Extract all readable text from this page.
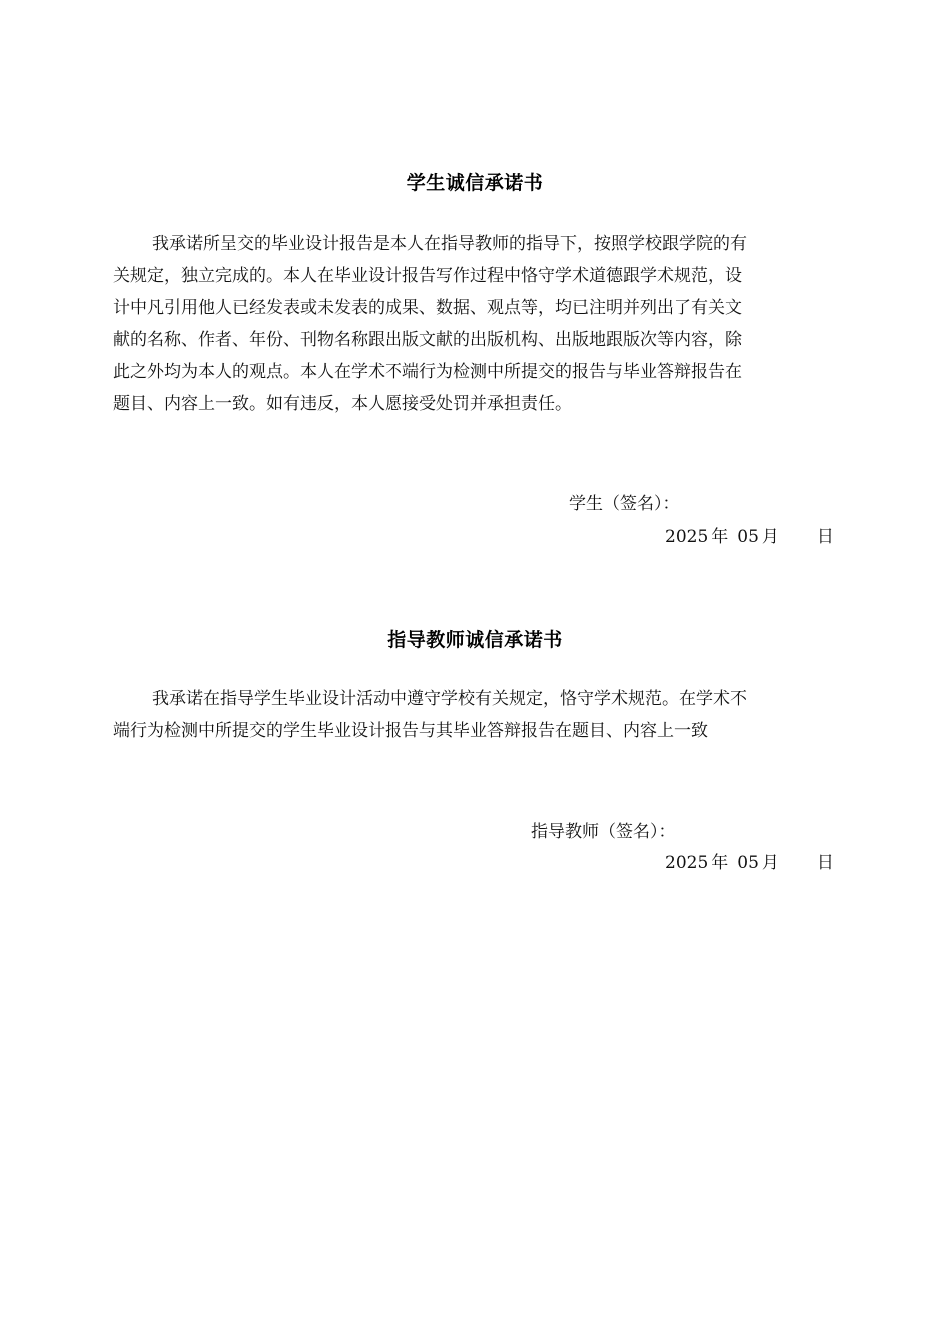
学生诚信承诺书
我承诺所呈交的毕业设计报告是本人在指导教师的指导下，按照学校跟学院的有
关规定，独立完成的。本人在毕业设计报告写作过程中恪守学术道德跟学术规范，设
计中凡引用他人已经发表或未发表的成果、数据、观点等，均已注明并列出了有关文
献的名称、作者、年份、刊物名称跟出版文献的出版机构、出版地跟版次等内容，除
此之外均为本人的观点。本人在学术不端行为检测中所提交的报告与毕业答辩报告在
题目、内容上一致。如有违反，本人愿接受处罚并承担责任。
学生（签名）：
2025 年 05 月 日
指导教师诚信承诺书
我承诺在指导学生毕业设计活动中遵守学校有关规定，恪守学术规范。在学术不
端行为检测中所提交的学生毕业设计报告与其毕业答辩报告在题目、内容上一致
指导教师（签名）：
2025 年 05 月 日
